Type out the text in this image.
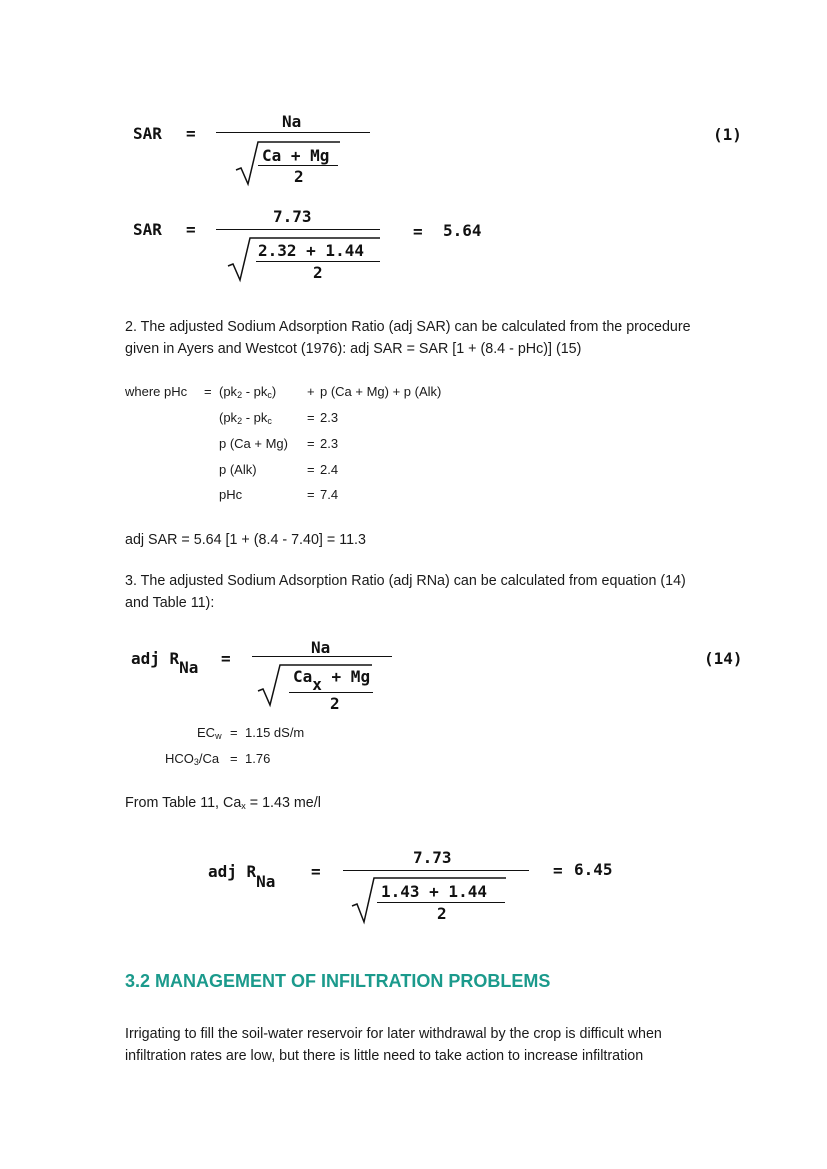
SAR =
Na
Ca + Mg
2
(1)
SAR =
7.73
2.32 + 1.44
2
= 5.64

2. The adjusted Sodium Adsorption Ratio (adj SAR) can be calculated from the procedure given in Ayers and Westcot (1976): adj SAR = SAR [1 + (8.4 - pHc)] (15)

where pHc = $(pk_2 - pk_c) + p$ (Ca + Mg) + p (Alk)
($pk_2 - pk_c$	= 2.3
p (Ca + Mg) = 2.3
p (Alk)	= 2.4
pHc	= 7.4

adj SAR = 5.64 [1 + (8.4 - 7.40] = 11.3

3. The adjusted Sodium Adsorption Ratio (adj RNa) can be calculated from equation (14) and Table 11):

adj RNa =
Na
Cax + Mg
2
(14)
$EC_w = 1.15$ dS/m
$HCO_3/Ca = 1.76$

From Table 11, $Ca_x = 1.43$ me/l

adj RNa
=
7.73
1.43 + 1.44
2
= 6.45
3.2 MANAGEMENT OF INFILTRATION PROBLEMS

Irrigating to fill the soil-water reservoir for later withdrawal by the crop is difficult when

infiltration rates are low, but there is little need to take action to increase infiltration
